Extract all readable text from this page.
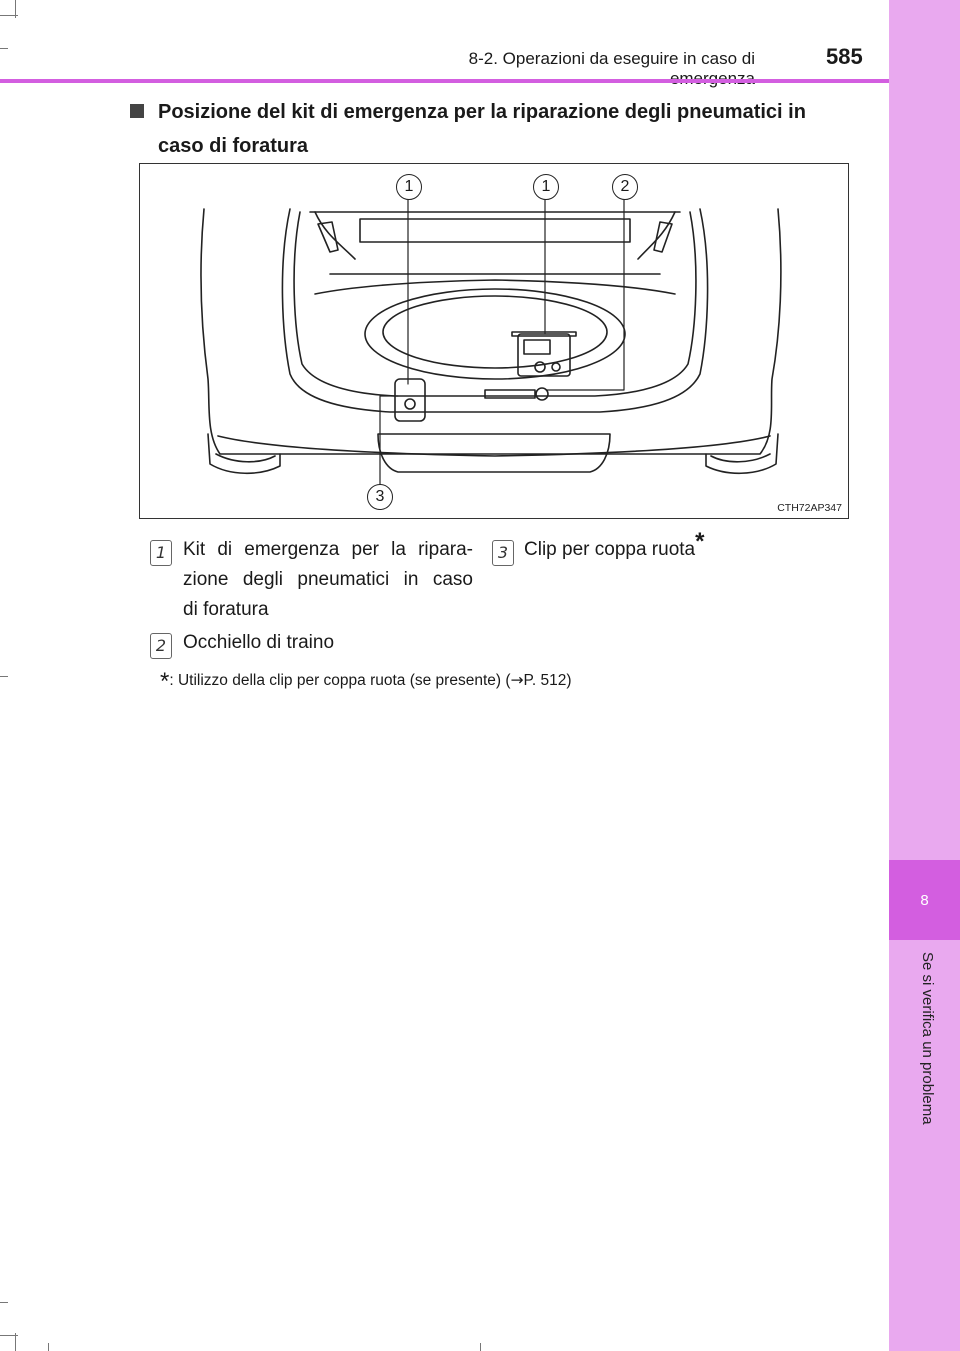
8
Se si verifica un problema
8-2. Operazioni da eseguire in caso di	585
Posizione del kit di emergenza per la riparazione degli pneumatici in
caso di foratura
1	1	2
3
CTH72AP347
1 Kit di emergenza per la ripara-
zione degli pneumatici in caso
di foratura
2 Occhiello di traino
3 Clip per coppa ruota*
*: Utilizzo della clip per coppa ruota (se presente) (→P. 512)
